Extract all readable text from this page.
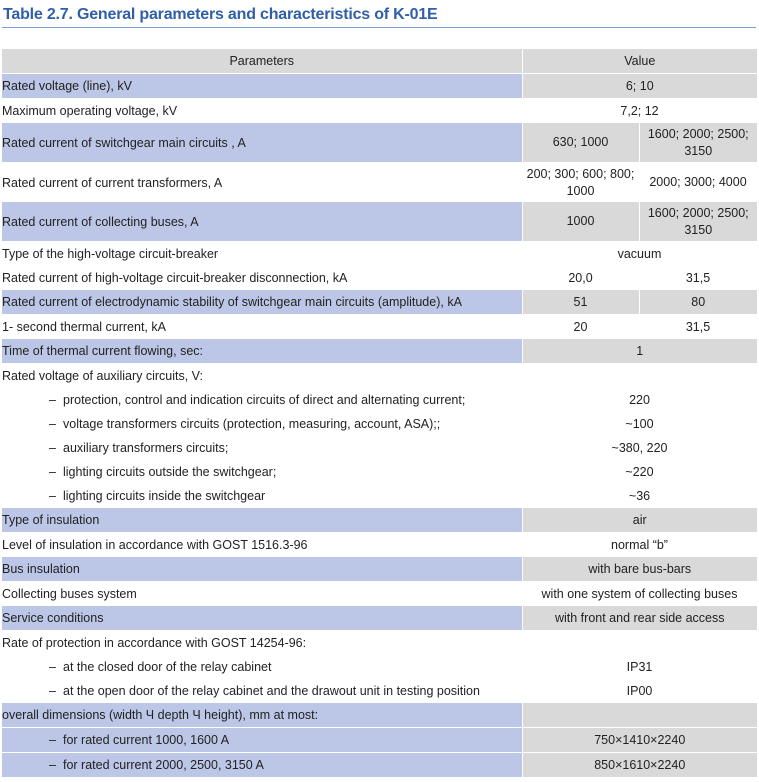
Table 2.7. General parameters and characteristics of K-01E
Parameters	Value	
Rated voltage (line), kV	6; 10	
Maximum operating voltage, kV	7,2; 12	
Rated current of switchgear main circuits , A	630; 1000	1600; 2000; 2500; 3150
Rated current of current transformers, A	200; 300; 600; 800; 1000	2000; 3000; 4000
Rated current of collecting buses, A	1000	1600; 2000; 2500; 3150
Type of the high-voltage circuit-breaker	vacuum	
Rated current of high-voltage circuit-breaker disconnection, kA	20,0	31,5
Rated current of electrodynamic stability of switchgear main circuits (amplitude), kA	51	80
1- second thermal current, kA	20	31,5
Time of thermal current flowing, sec:	1	
Rated voltage of auxiliary circuits, V:		
– protection, control and indication circuits of direct and alternating current;	220	
– voltage transformers circuits (protection, measuring, account, ASA);;	~100	
– auxiliary transformers circuits;	~380, 220	
– lighting circuits outside the switchgear;	~220	
– lighting circuits inside the switchgear	~36	
Type of insulation	air	
Level of insulation in accordance with GOST 1516.3-96	normal “b”	
Bus insulation	with bare bus-bars	
Collecting buses system	with one system of collecting buses	
Service conditions	with front and rear side access	
Rate of protection in accordance with GOST 14254-96:		
– at the closed door of the relay cabinet	IP31	
– at the open door of the relay cabinet and the drawout unit in testing position	IP00	
overall dimensions (width Ч depth Ч height), mm at most:		
– for rated current 1000, 1600 A	750×1410×2240	
– for rated current 2000, 2500, 3150 A	850×1610×2240	
